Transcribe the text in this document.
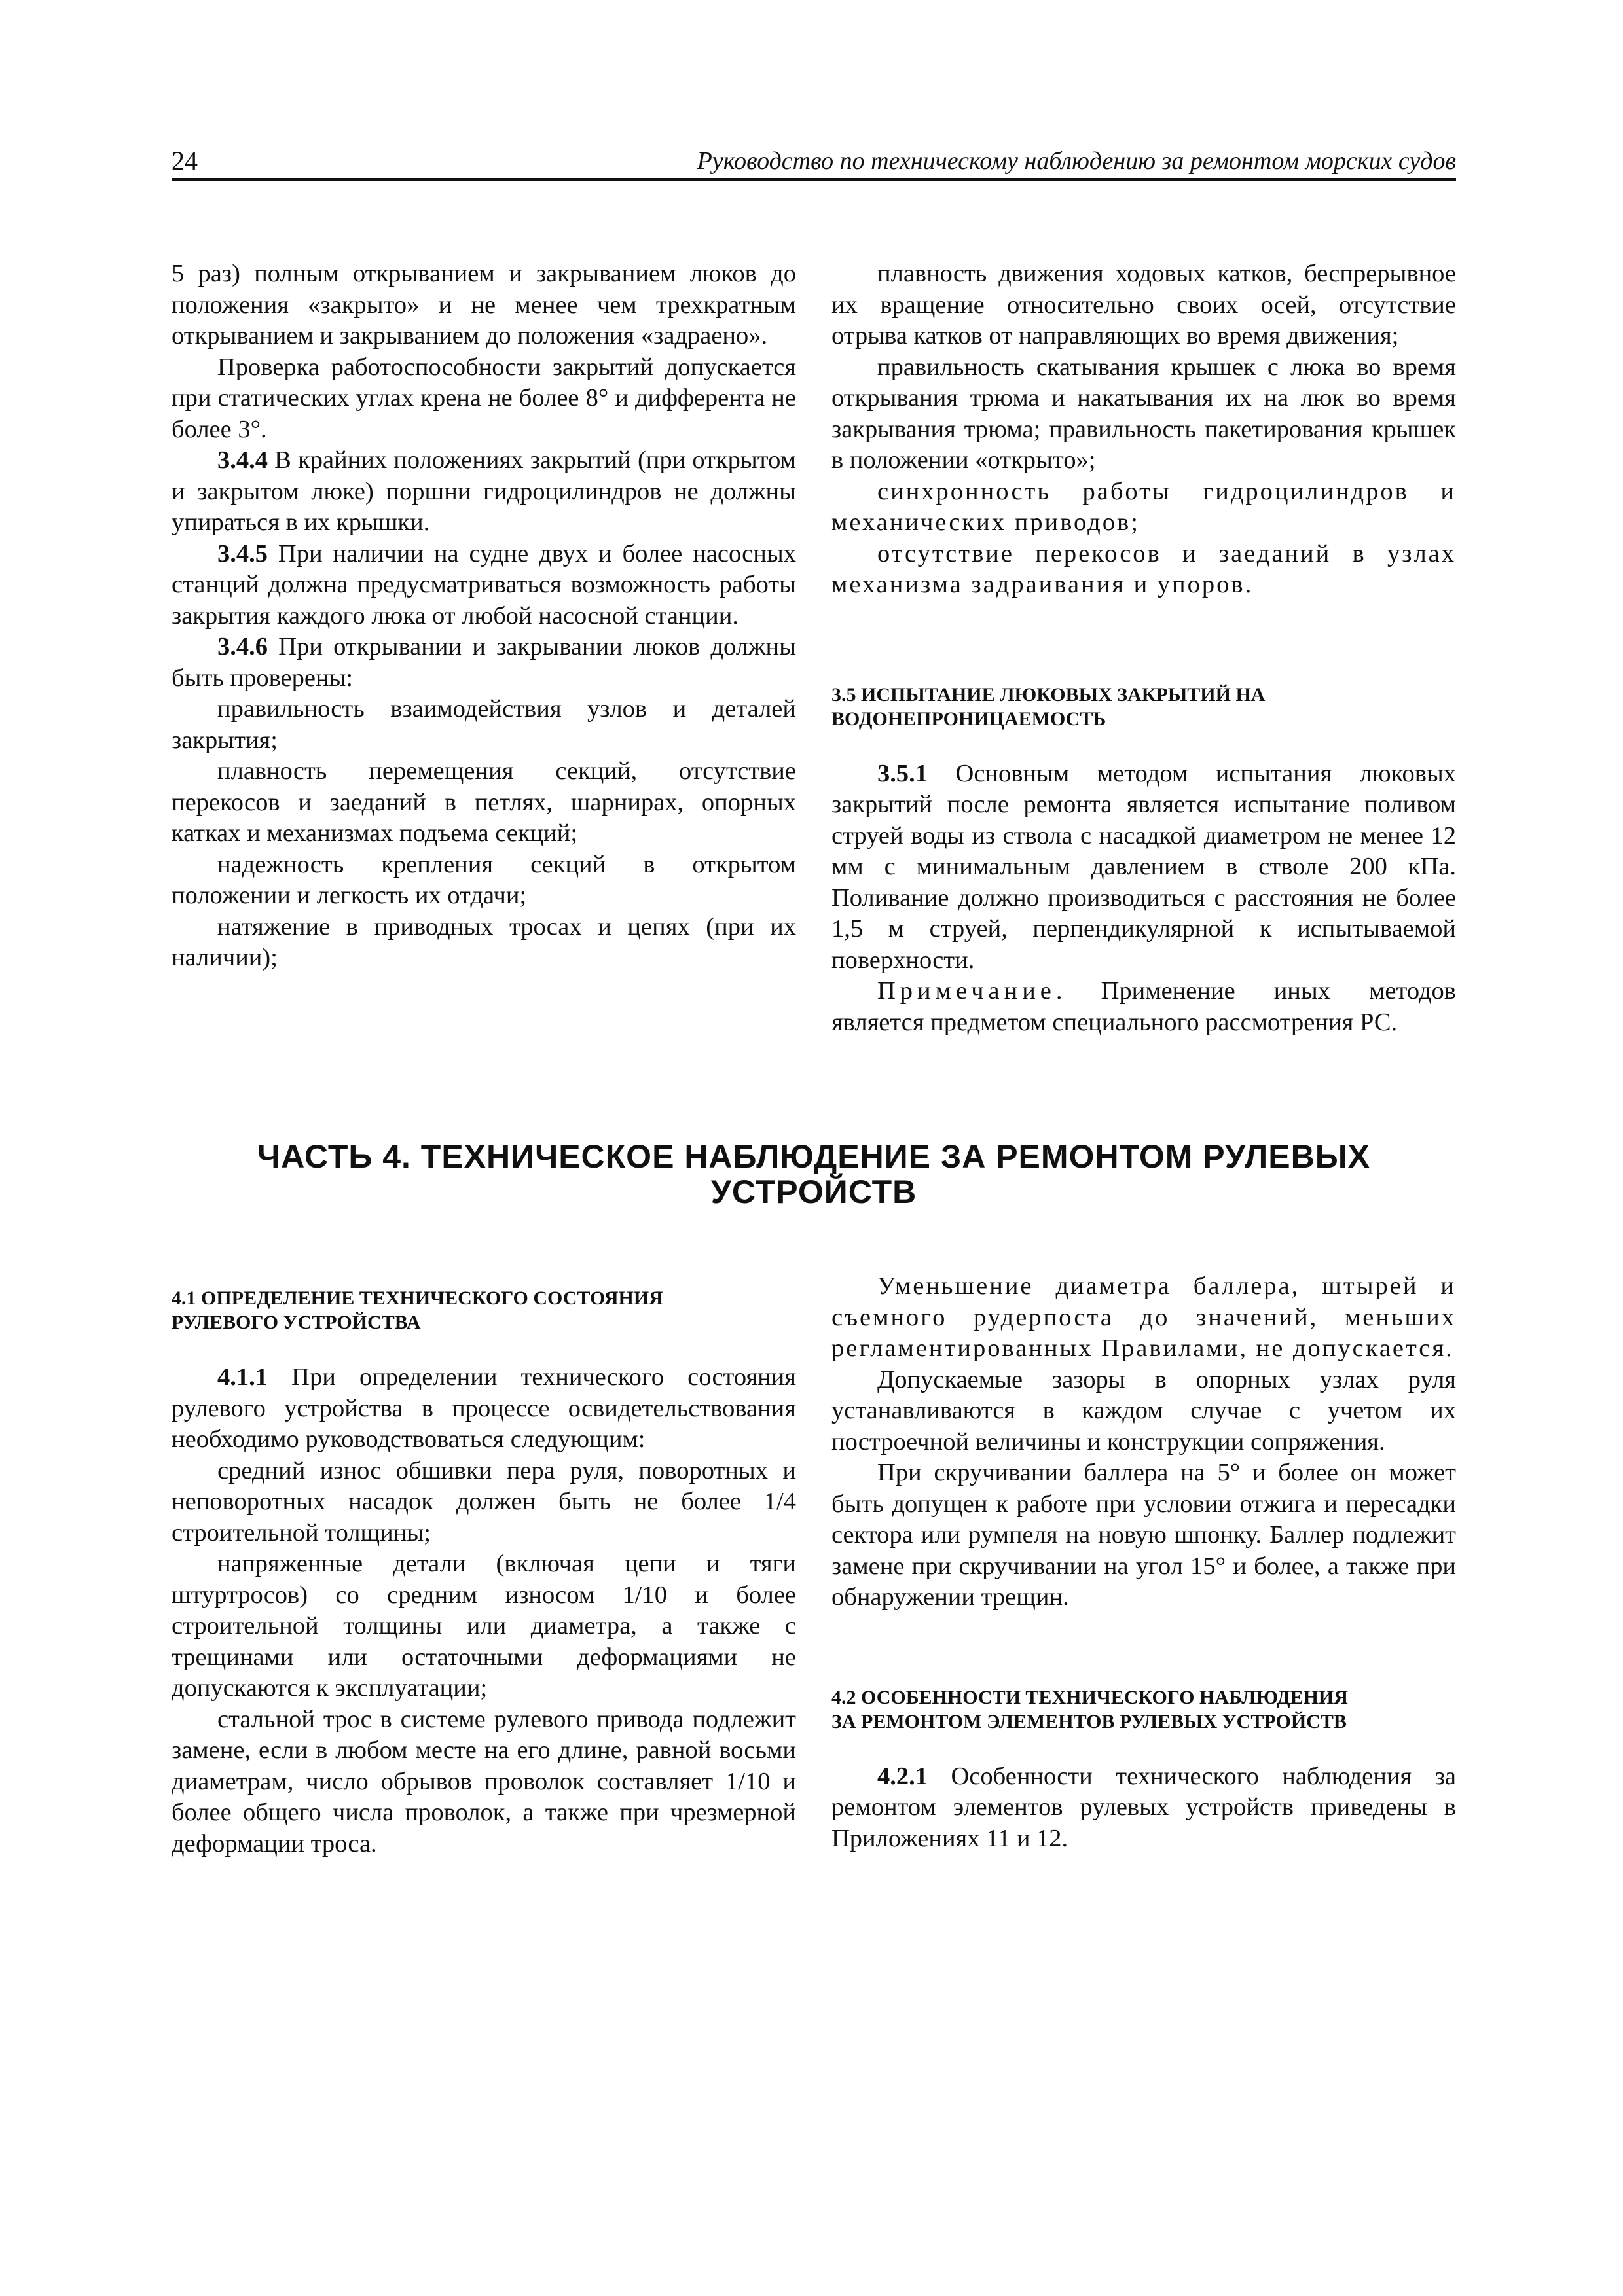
24	Руководство по техническому наблюдению за ремонтом морских судов

5 раз) полным открыванием и закрыванием люков до положения «закрыто» и не менее чем трехкратным открыванием и закрыванием до положения «задраено».

Проверка работоспособности закрытий допускается при статических углах крена не более 8° и дифферента не более 3°.

3.4.4 В крайних положениях закрытий (при открытом и закрытом люке) поршни гидроцилиндров не должны упираться в их крышки.

3.4.5 При наличии на судне двух и более насосных станций должна предусматриваться возможность работы закрытия каждого люка от любой насосной станции.

3.4.6 При открывании и закрывании люков должны быть проверены:

правильность взаимодействия узлов и деталей закрытия;

плавность перемещения секций, отсутствие перекосов и заеданий в петлях, шарнирах, опорных катках и механизмах подъема секций;

надежность крепления секций в открытом положении и легкость их отдачи;

натяжение в приводных тросах и цепях (при их наличии);

плавность движения ходовых катков, беспрерывное их вращение относительно своих осей, отсутствие отрыва катков от направляющих во время движения;

правильность скатывания крышек с люка во время открывания трюма и накатывания их на люк во время закрывания трюма; правильность пакетирования крышек в положении «открыто»;

синхронность работы гидроцилиндров и механических приводов;

отсутствие перекосов и заеданий в узлах механизма задраивания и упоров.

3.5 ИСПЫТАНИЕ ЛЮКОВЫХ ЗАКРЫТИЙ НА

ВОДОНЕПРОНИЦАЕМОСТЬ

3.5.1 Основным методом испытания люковых закрытий после ремонта является испытание поливом струей воды из ствола с насадкой диаметром не менее 12 мм с минимальным давлением в стволе 200 кПа. Поливание должно производиться с расстояния не более 1,5 м струей, перпендикулярной к испытываемой поверхности.

Примечание. Применение иных методов является предметом специального рассмотрения РС.

ЧАСТЬ 4. ТЕХНИЧЕСКОЕ НАБЛЮДЕНИЕ ЗА РЕМОНТОМ РУЛЕВЫХ
УСТРОЙСТВ

4.1 ОПРЕДЕЛЕНИЕ ТЕХНИЧЕСКОГО СОСТОЯНИЯ

РУЛЕВОГО УСТРОЙСТВА

4.1.1 При определении технического состояния рулевого устройства в процессе освидетельствования необходимо руководствоваться следующим:

средний износ обшивки пера руля, поворотных и неповоротных насадок должен быть не более 1/4 строительной толщины;

напряженные детали (включая цепи и тяги штуртросов) со средним износом 1/10 и более строительной толщины или диаметра, а также с трещинами или остаточными деформациями не допускаются к эксплуатации;

стальной трос в системе рулевого привода подлежит замене, если в любом месте на его длине, равной восьми диаметрам, число обрывов проволок составляет 1/10 и более общего числа проволок, а также при чрезмерной деформации троса.

Уменьшение диаметра баллера, штырей и съемного рудерпоста до значений, меньших регламентированных Правилами, не допускается.

Допускаемые зазоры в опорных узлах руля устанавливаются в каждом случае с учетом их построечной величины и конструкции сопряжения.

При скручивании баллера на 5° и более он может быть допущен к работе при условии отжига и пересадки сектора или румпеля на новую шпонку. Баллер подлежит замене при скручивании на угол 15° и более, а также при обнаружении трещин.

4.2 ОСОБЕННОСТИ ТЕХНИЧЕСКОГО НАБЛЮДЕНИЯ

ЗА РЕМОНТОМ ЭЛЕМЕНТОВ РУЛЕВЫХ УСТРОЙСТВ

4.2.1 Особенности технического наблюдения за ремонтом элементов рулевых устройств приведены в Приложениях 11 и 12.
